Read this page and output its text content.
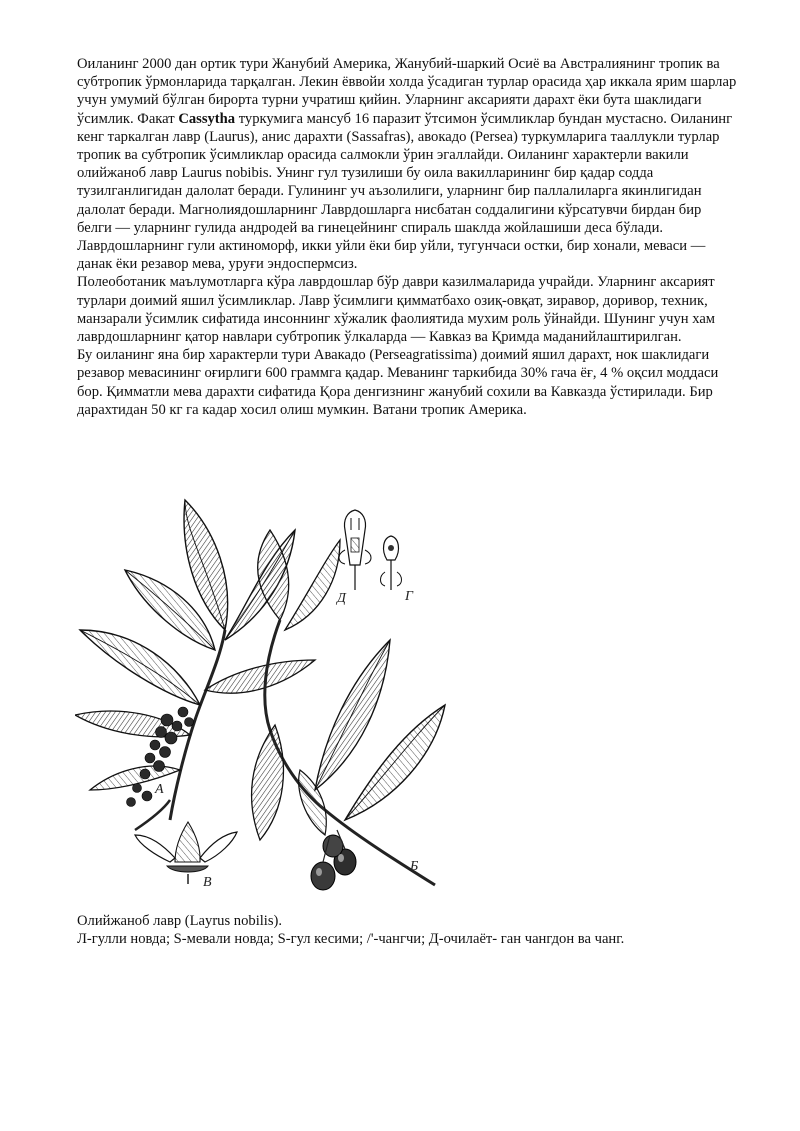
Оиланинг 2000 дан ортик тури Жанубий Америка, Жанубий-шаркий Осиё ва Австралиянинг тропик ва субтропик ўрмонларида тарқалган. Лекин ёввойи холда ўсадиган турлар орасида ҳар иккала ярим шарлар учун умумий бўлган бирорта турни учратиш қийин. Уларнинг аксарияти дарахт ёки бута шаклидаги ўсимлик. Факат Cassytha туркумига мансуб 16 паразит ўтсимон ўсимликлар бундан мустасно. Оиланинг кенг таркалган лавр (Laurus), анис дарахти (Sassafras), авокадо (Persea) туркумларига тааллукли турлар тропик ва субтропик ўсимликлар орасида салмокли ўрин эгаллайди. Оиланинг характерли вакили олийжаноб лавр Laurus nobibis. Унинг гул тузилиши бу оила вакилларининг бир қадар содда тузилганлигидан далолат беради. Гулининг уч аъзолилиги, уларнинг бир паллалиларга якинлигидан далолат беради. Магнолиядошларнинг Лавpдошларга нисбатан соддалигини кўрсатувчи бирдан бир белги — уларнинг гулида андродей ва гинецейнинг спираль шаклда жойлашиши деса бўлади. Лаврдошларнинг гули актиноморф, икки уйли ёки бир уйли, тугунчаси остки, бир хонали, меваси — данак ёки резавор мева, уруғи эндоспермсиз.

Полеоботаник маълумотларга кўра лаврдошлар бўр даври казилмаларида учрайди. Уларнинг аксарият турлари доимий яшил ўсимликлар. Лавр ўсимлиги қимматбахо озиқ-овқат, зиравор, доривор, техник, манзарали ўсимлик сифатида инсоннинг хўжалик фаолиятида мухим роль ўйнайди. Шунинг учун хам лаврдошларнинг қатор навлари субтропик ўлкаларда — Кавказ ва Қримда маданийлаштирилган.

Бу оиланинг яна бир характерли тури Авакадо (Perseagratissima) доимий яшил дарахт, нок шаклидаги резавор мевасининг оғирлиги 600 граммга қадар. Меванинг таркибида 30% гача ёғ, 4 % оқсил моддаси бор. Қимматли мева дарахти сифатида Қора денгизнинг жанубий сохили ва Кавказда ўстирилади. Бир дарахтидан 50 кг га кадар хосил олиш мумкин. Ватани тропик Америка.

А
Б
В
Г
Д

Олийжаноб лавр (Layrus nobilis).

Л-гулли новда; S-мевали новда; S-гул кесими; /'-чангчи; Д-очилаёт- ган чангдон ва чанг.
